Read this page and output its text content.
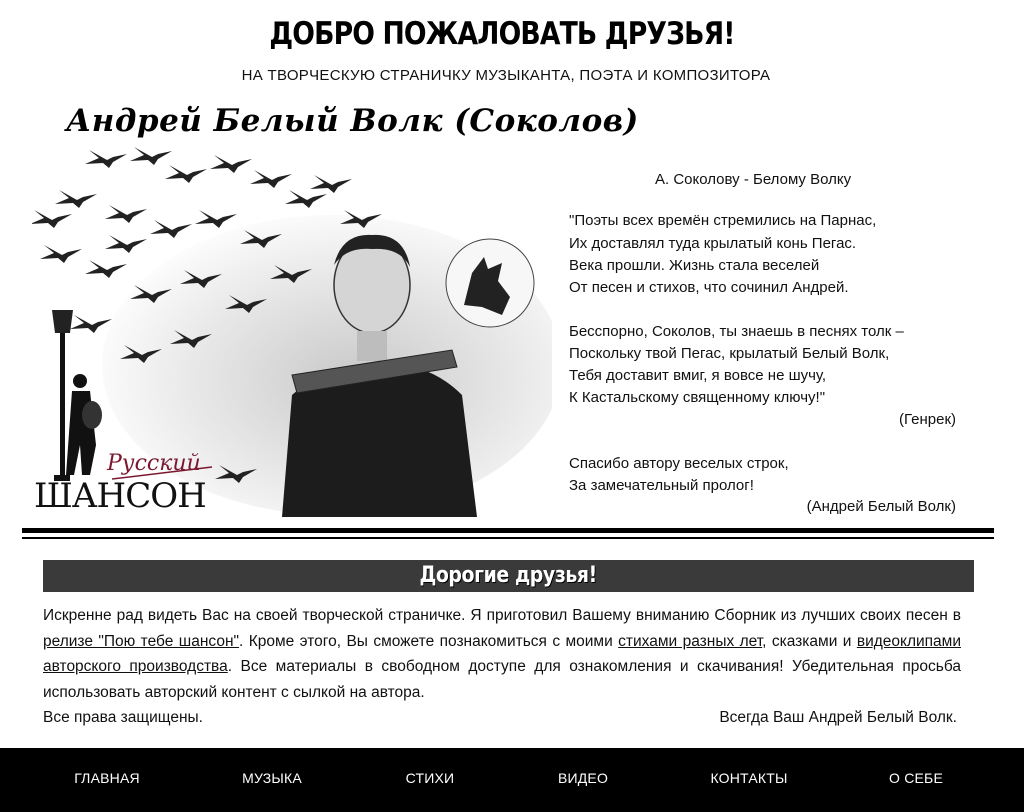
ДОБРО ПОЖАЛОВАТЬ ДРУЗЬЯ!
НА ТВОРЧЕСКУЮ СТРАНИЧКУ МУЗЫКАНТА, ПОЭТА И КОМПОЗИТОРА
Андрей Белый Волк (Соколов)
Русский
ШАНСОН
А. Соколову - Белому Волку
"Поэты всех времён стремились на Парнас,
Их доставлял туда крылатый конь Пегас.
Века прошли. Жизнь стала веселей
От песен и стихов, что сочинил Андрей.
Бесспорно, Соколов, ты знаешь в песнях толк –
Поскольку твой Пегас, крылатый Белый Волк,
Тебя доставит вмиг, я вовсе не шучу,
К Кастальскому священному ключу!"
(Генрек)
Спасибо автору веселых строк,
За замечательный пролог!
(Андрей Белый Волк)
Дорогие друзья!
Искренне рад видеть Вас на своей творческой страничке. Я приготовил Вашему вниманию Сборник из лучших своих песен в релизе "Пою тебе шансон". Кроме этого, Вы сможете познакомиться с моими стихами разных лет, сказками и видеоклипами авторского производства. Все материалы в свободном доступе для ознакомления и скачивания! Убедительная просьба использовать авторский контент с сылкой на автора.
Все права защищены.	Всегда Ваш Андрей Белый Волк.
ГЛАВНАЯ	МУЗЫКА	СТИХИ	ВИДЕО	КОНТАКТЫ	О СЕБЕ
